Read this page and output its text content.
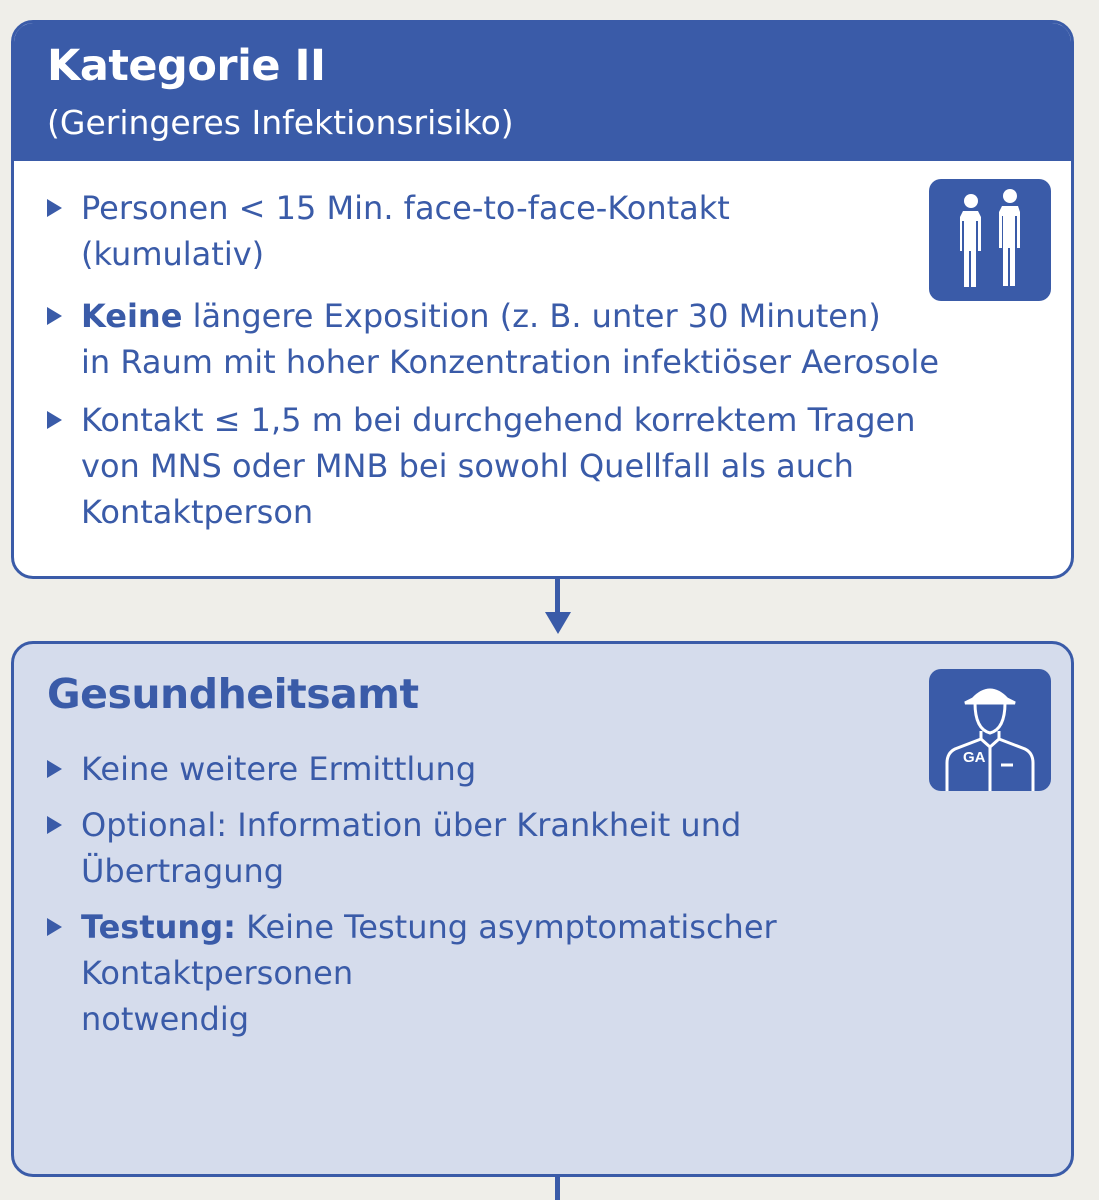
Kategorie II
(Geringeres Infektionsrisiko)
Personen < 15 Min. face-to-face-Kontakt
(kumulativ)
Keine längere Exposition (z. B. unter 30 Minuten)
in Raum mit hoher Konzentration infektiöser Aerosole
Kontakt ≤ 1,5 m bei durchgehend korrektem Tragen
von MNS oder MNB bei sowohl Quellfall als auch
Kontaktperson
Gesundheitsamt
Keine weitere Ermittlung
Optional: Information über Krankheit und Übertragung
Testung: Keine Testung asymptomatischer Kontaktpersonen
notwendig
GA
